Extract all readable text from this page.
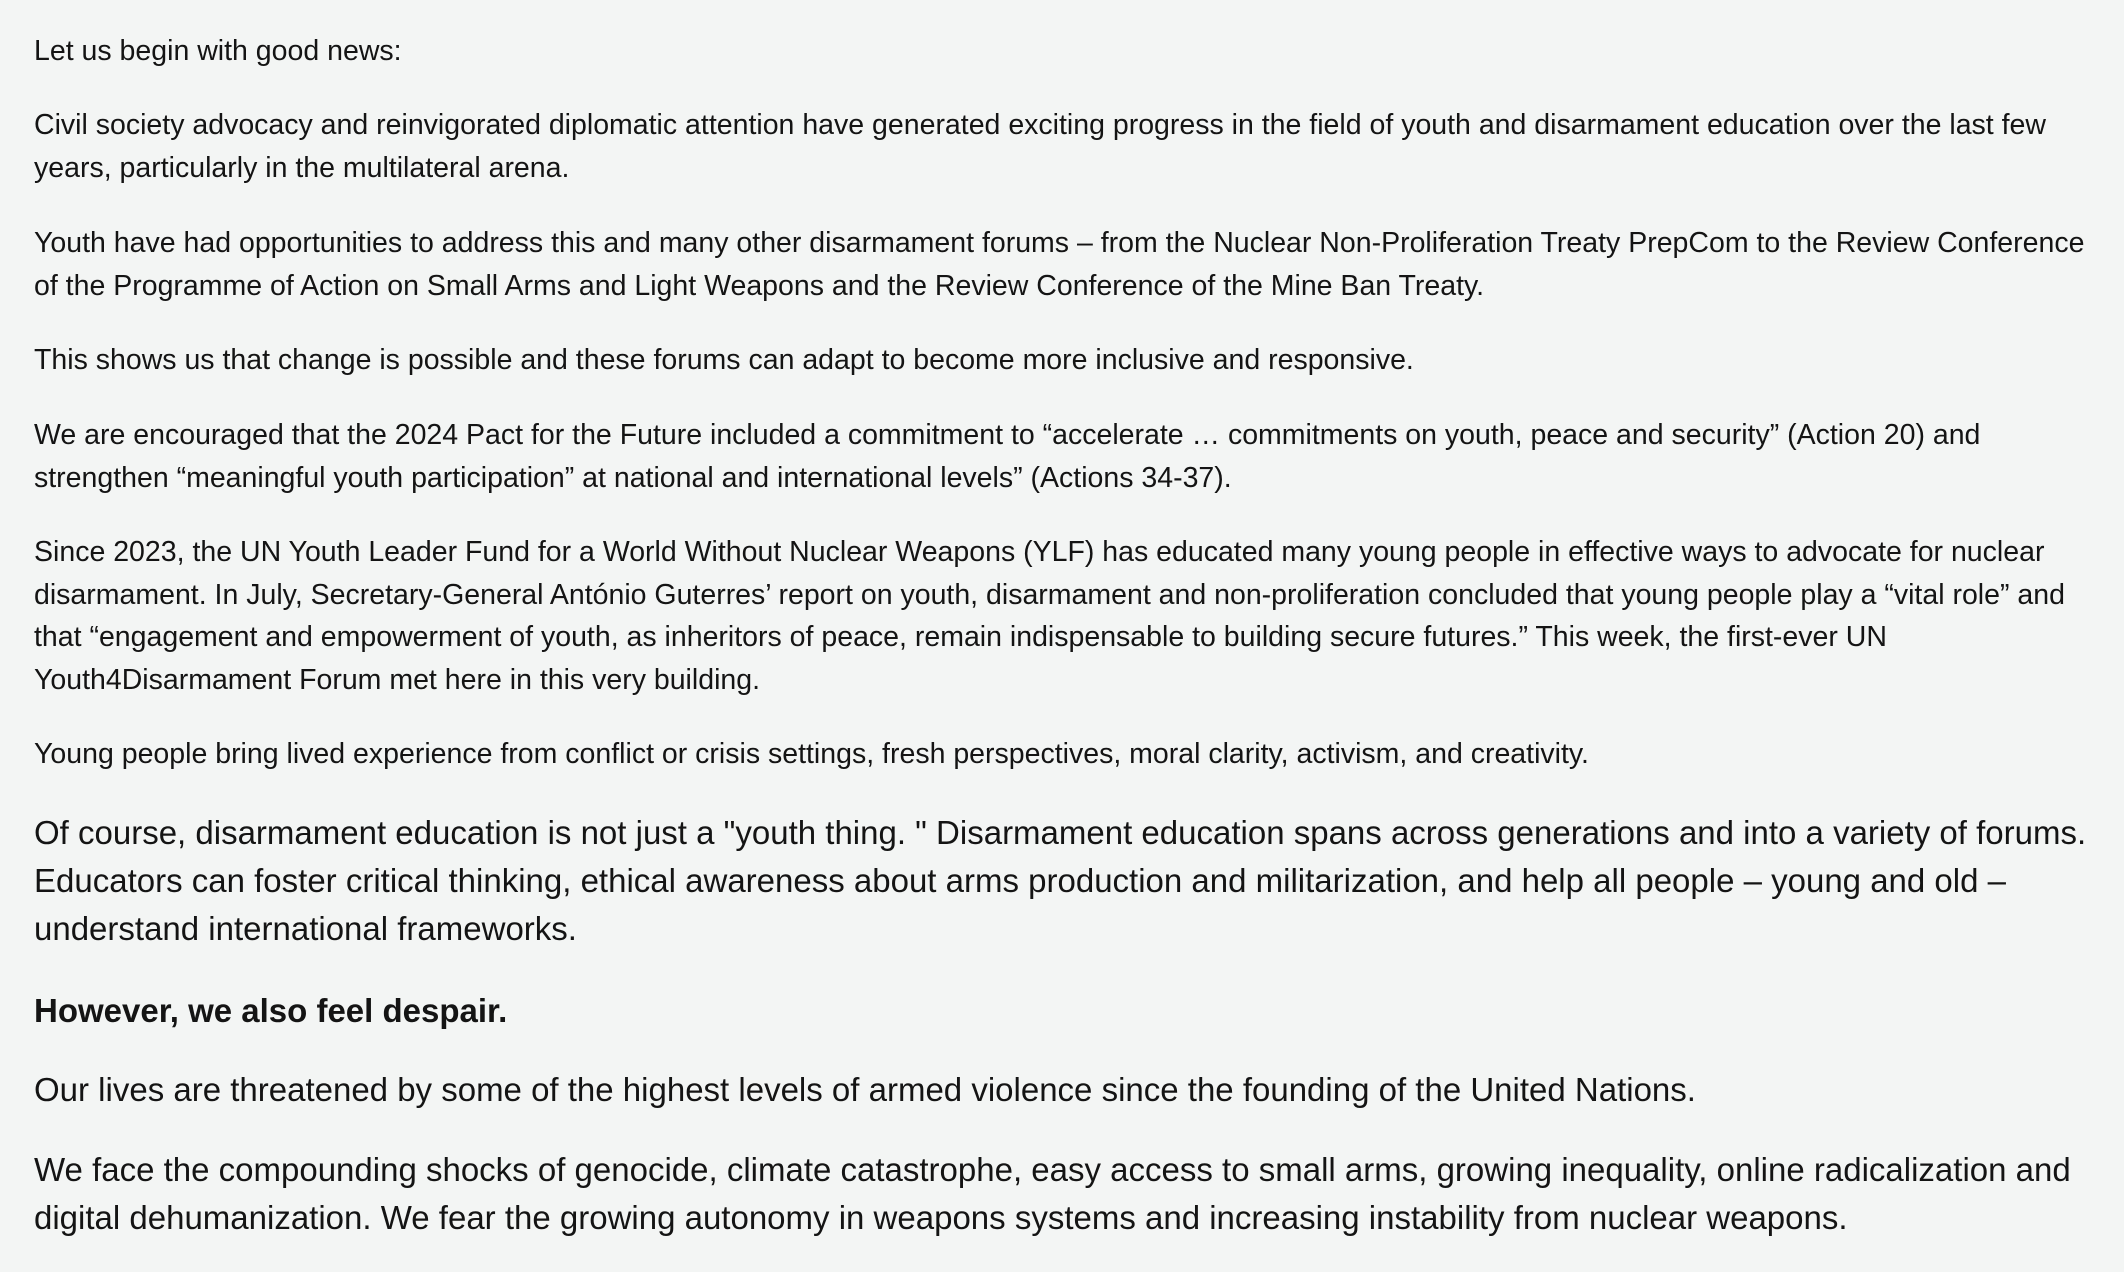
Let us begin with good news:

Civil society advocacy and reinvigorated diplomatic attention have generated exciting progress in the field of youth and disarmament education over the last few years, particularly in the multilateral arena.

Youth have had opportunities to address this and many other disarmament forums – from the Nuclear Non-Proliferation Treaty PrepCom to the Review Conference of the Programme of Action on Small Arms and Light Weapons and the Review Conference of the Mine Ban Treaty.

This shows us that change is possible and these forums can adapt to become more inclusive and responsive.

We are encouraged that the 2024 Pact for the Future included a commitment to “accelerate … commitments on youth, peace and security” (Action 20) and strengthen “meaningful youth participation” at national and international levels” (Actions 34-37).

Since 2023, the UN Youth Leader Fund for a World Without Nuclear Weapons (YLF) has educated many young people in effective ways to advocate for nuclear disarmament. In July, Secretary-General António Guterres’ report on youth, disarmament and non-proliferation concluded that young people play a “vital role” and that “engagement and empowerment of youth, as inheritors of peace, remain indispensable to building secure futures.” This week, the first-ever UN Youth4Disarmament Forum met here in this very building.

Young people bring lived experience from conflict or crisis settings, fresh perspectives, moral clarity, activism, and creativity.

Of course, disarmament education is not just a "youth thing. " Disarmament education spans across generations and into a variety of forums. Educators can foster critical thinking, ethical awareness about arms production and militarization, and help all people – young and old – understand international frameworks.

However, we also feel despair.

Our lives are threatened by some of the highest levels of armed violence since the founding of the United Nations.

We face the compounding shocks of genocide, climate catastrophe, easy access to small arms, growing inequality, online radicalization and digital dehumanization. We fear the growing autonomy in weapons systems and increasing instability from nuclear weapons.
